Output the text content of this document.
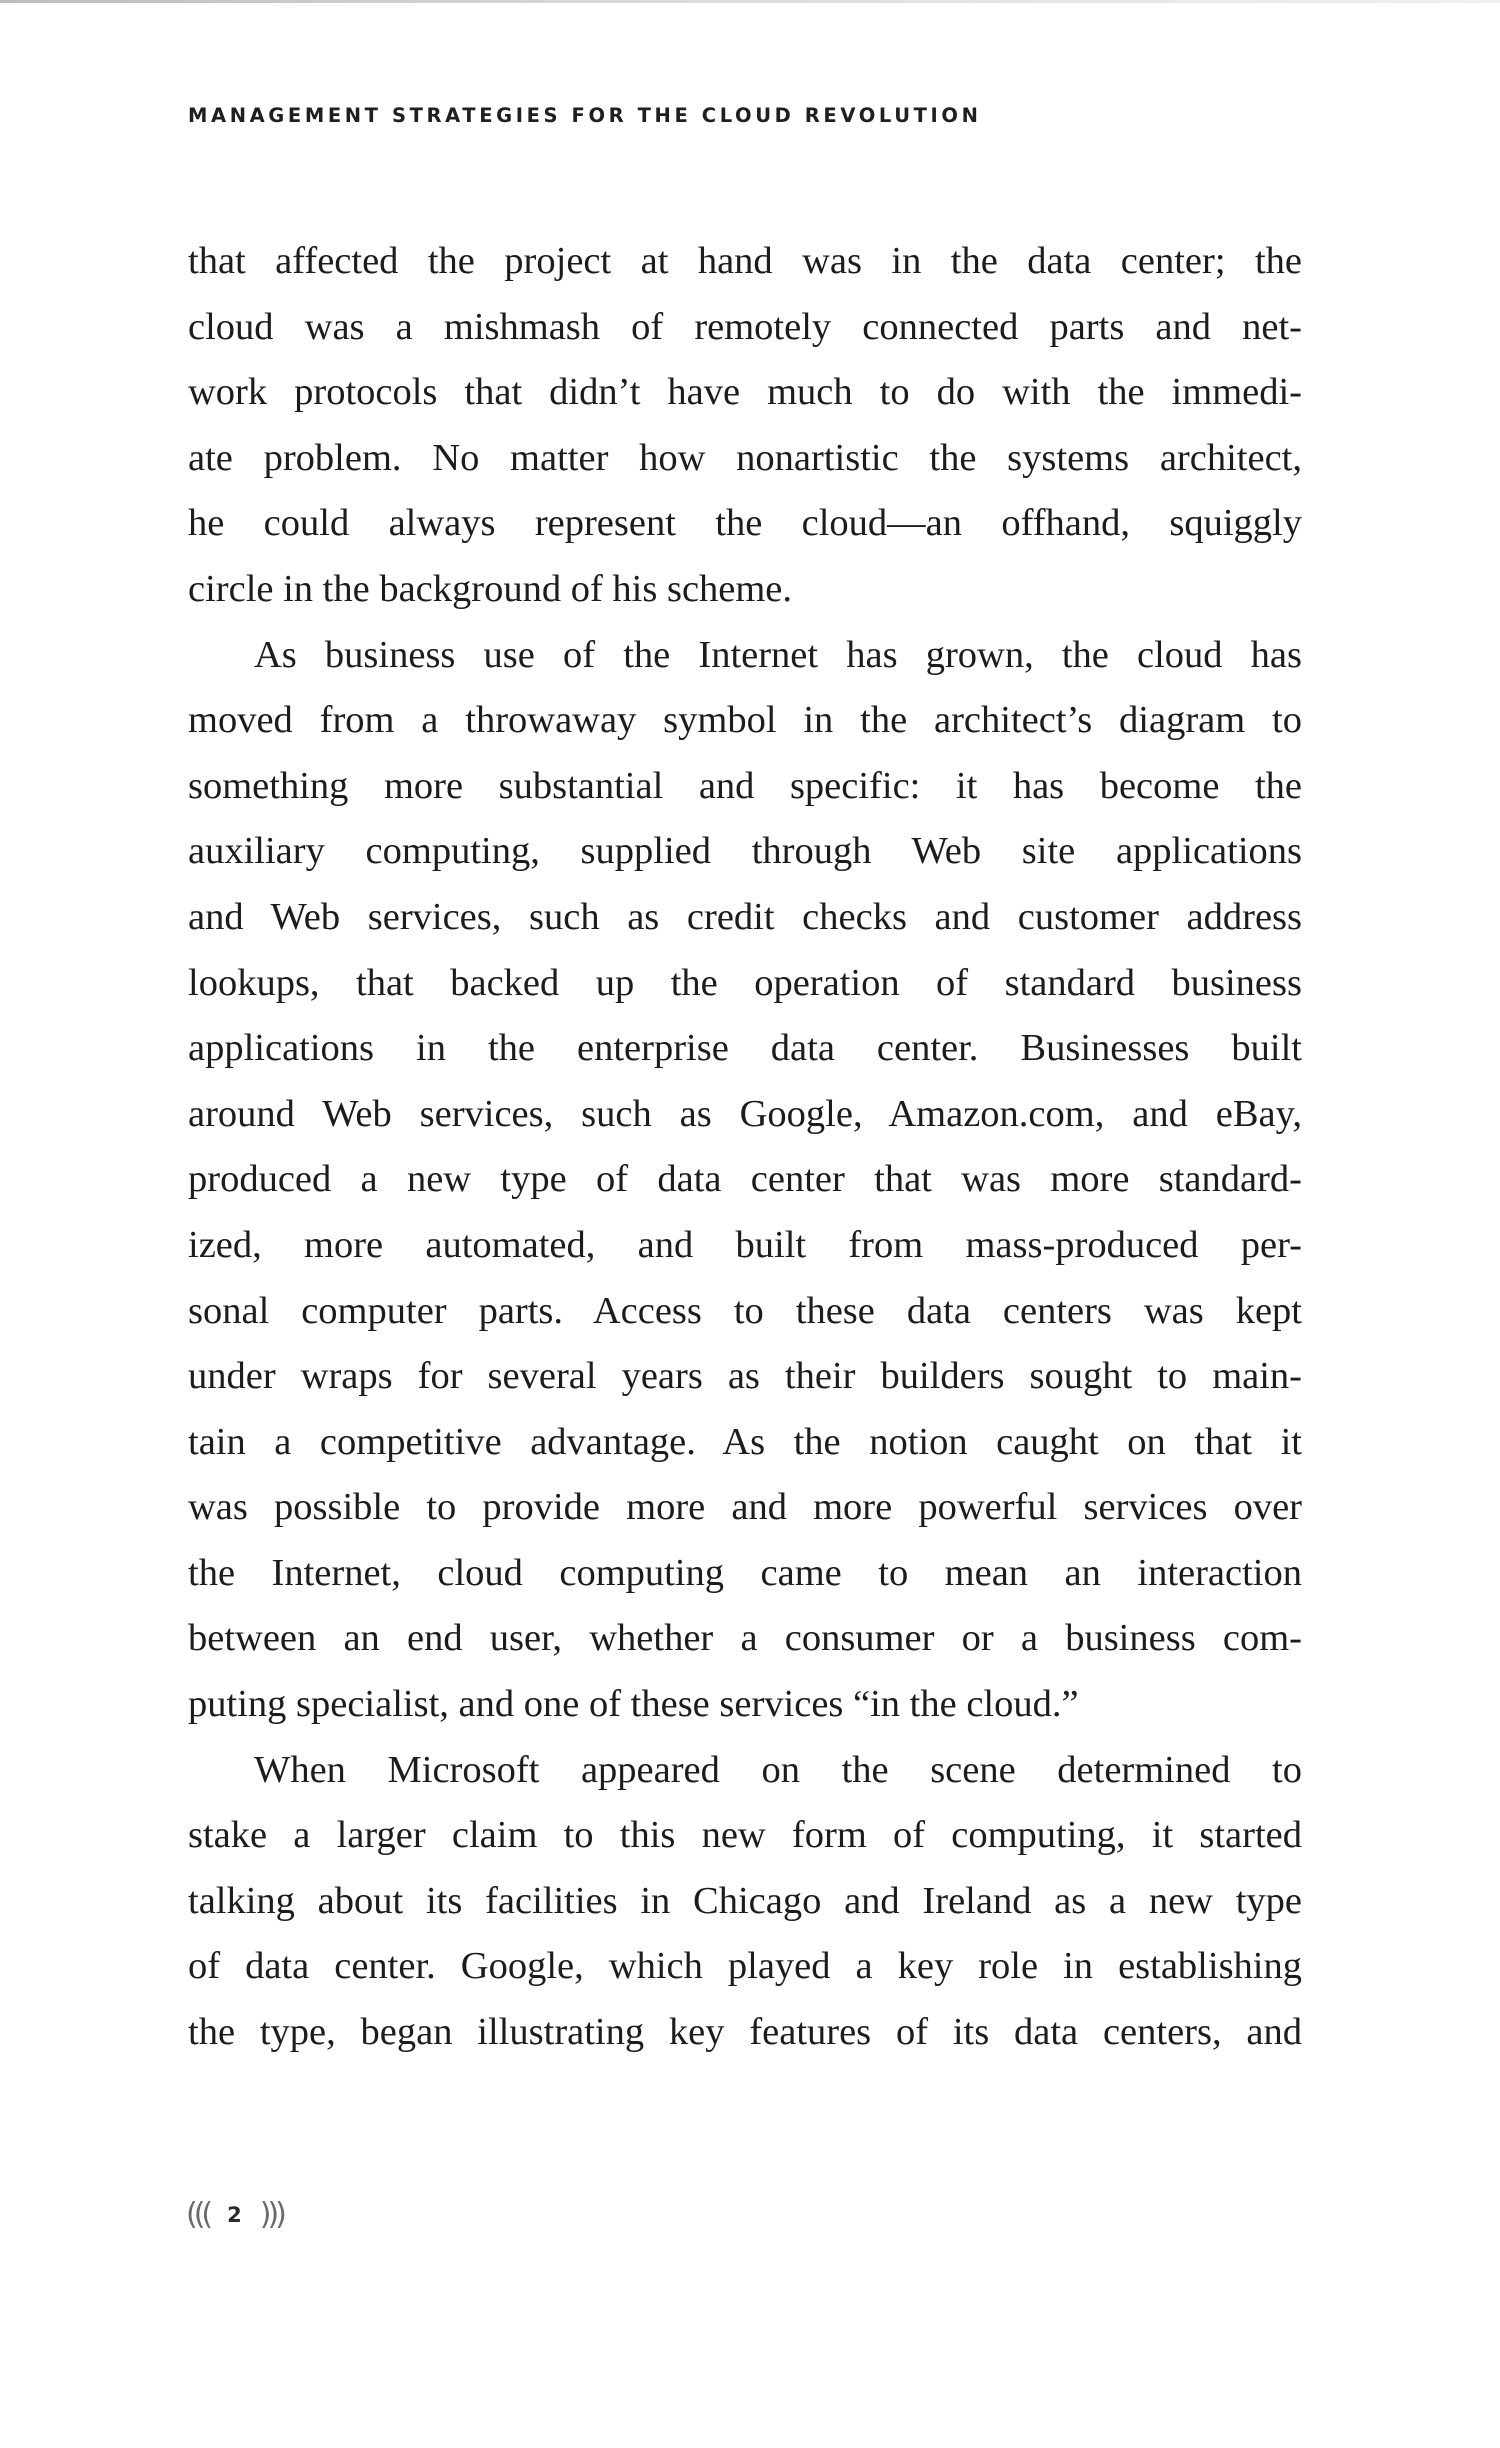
MANAGEMENT STRATEGIES FOR THE CLOUD REVOLUTION
that affected the project at hand was in the data center; the
cloud was a mishmash of remotely connected parts and net-
work protocols that didn’t have much to do with the immedi-
ate problem. No matter how nonartistic the systems architect,
he could always represent the cloud—an offhand, squiggly
circle in the background of his scheme.
As business use of the Internet has grown, the cloud has
moved from a throwaway symbol in the architect’s diagram to
something more substantial and specific: it has become the
auxiliary computing, supplied through Web site applications
and Web services, such as credit checks and customer address
lookups, that backed up the operation of standard business
applications in the enterprise data center. Businesses built
around Web services, such as Google, Amazon.com, and eBay,
produced a new type of data center that was more standard-
ized, more automated, and built from mass-produced per-
sonal computer parts. Access to these data centers was kept
under wraps for several years as their builders sought to main-
tain a competitive advantage. As the notion caught on that it
was possible to provide more and more powerful services over
the Internet, cloud computing came to mean an interaction
between an end user, whether a consumer or a business com-
puting specialist, and one of these services “in the cloud.”
When Microsoft appeared on the scene determined to
stake a larger claim to this new form of computing, it started
talking about its facilities in Chicago and Ireland as a new type
of data center. Google, which played a key role in establishing
the type, began illustrating key features of its data centers, and
((( 2 )))
